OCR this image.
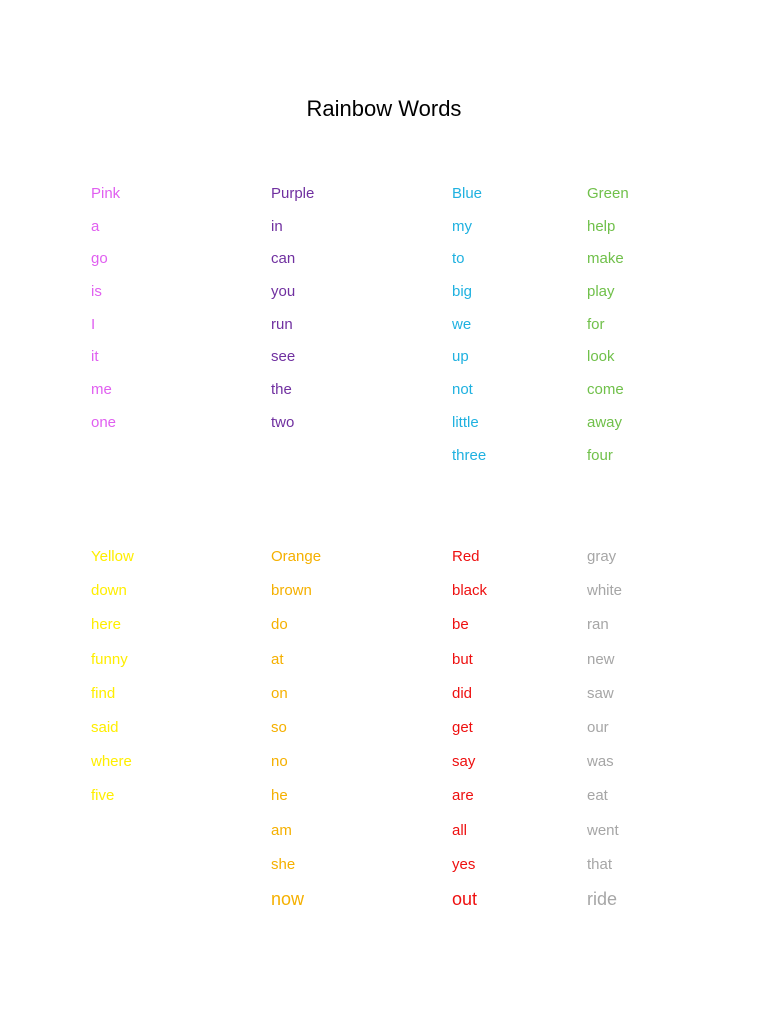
Rainbow Words
Pink
a
go
is
I
it
me
one
Purple
in
can
you
run
see
the
two
Blue
my
to
big
we
up
not
little
three
Green
help
make
play
for
look
come
away
four
Yellow
down
here
funny
find
said
where
five
Orange
brown
do
at
on
so
no
he
am
she
now
Red
black
be
but
did
get
say
are
all
yes
out
gray
white
ran
new
saw
our
was
eat
went
that
ride
